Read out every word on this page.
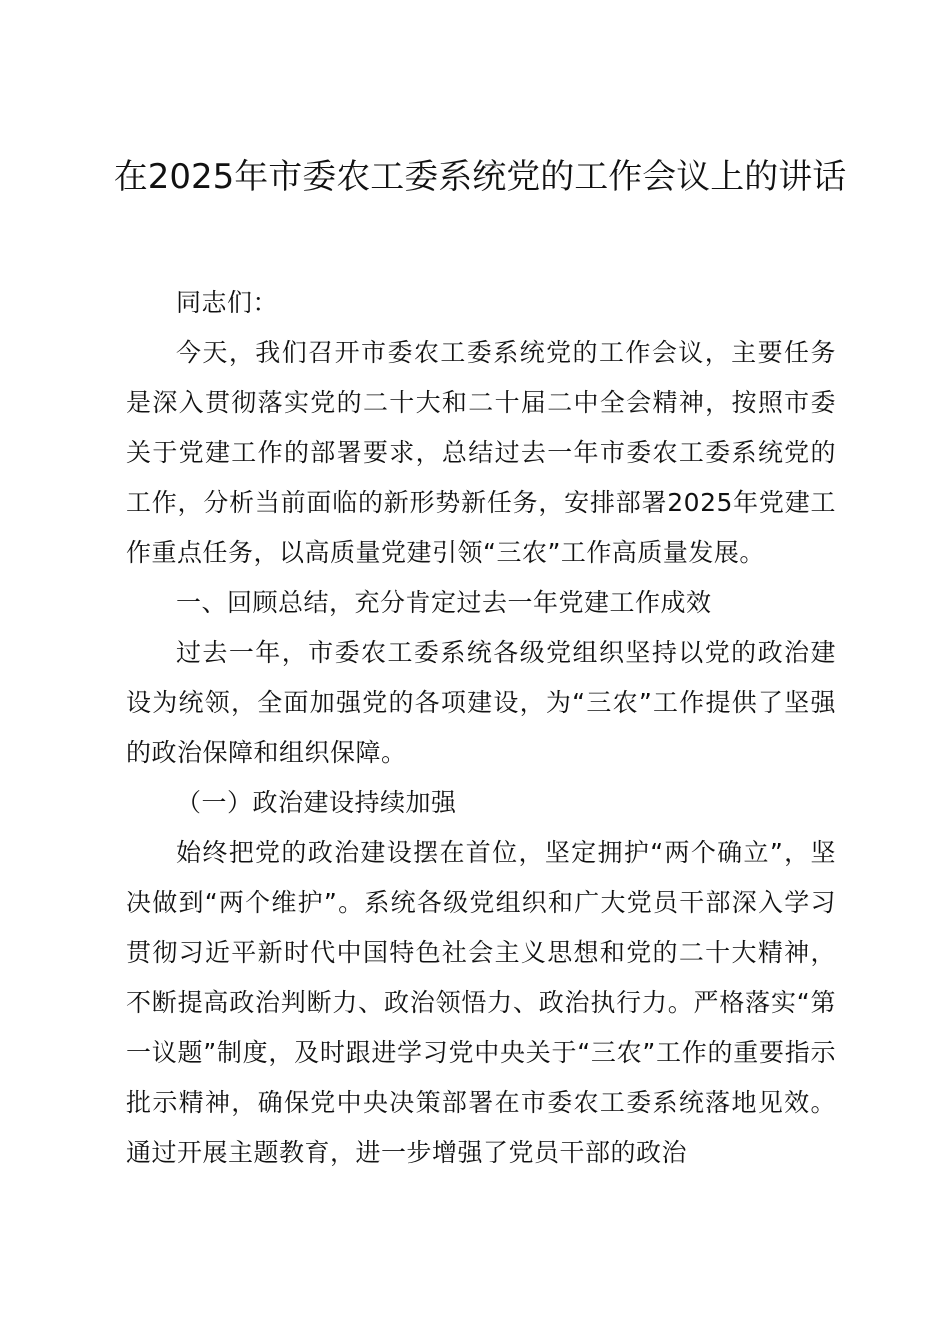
在2025年市委农工委系统党的工作会议上的讲话

同志们：

今天，我们召开市委农工委系统党的工作会议，主要任务是深入贯彻落实党的二十大和二十届二中全会精神，按照市委关于党建工作的部署要求，总结过去一年市委农工委系统党的工作，分析当前面临的新形势新任务，安排部署2025年党建工作重点任务，以高质量党建引领“三农”工作高质量发展。

一、回顾总结，充分肯定过去一年党建工作成效

过去一年，市委农工委系统各级党组织坚持以党的政治建设为统领，全面加强党的各项建设，为“三农”工作提供了坚强的政治保障和组织保障。

（一）政治建设持续加强

始终把党的政治建设摆在首位，坚定拥护“两个确立”，坚决做到“两个维护”。系统各级党组织和广大党员干部深入学习贯彻习近平新时代中国特色社会主义思想和党的二十大精神，不断提高政治判断力、政治领悟力、政治执行力。严格落实“第一议题”制度，及时跟进学习党中央关于“三农”工作的重要指示批示精神，确保党中央决策部署在市委农工委系统落地见效。通过开展主题教育，进一步增强了党员干部的政治
